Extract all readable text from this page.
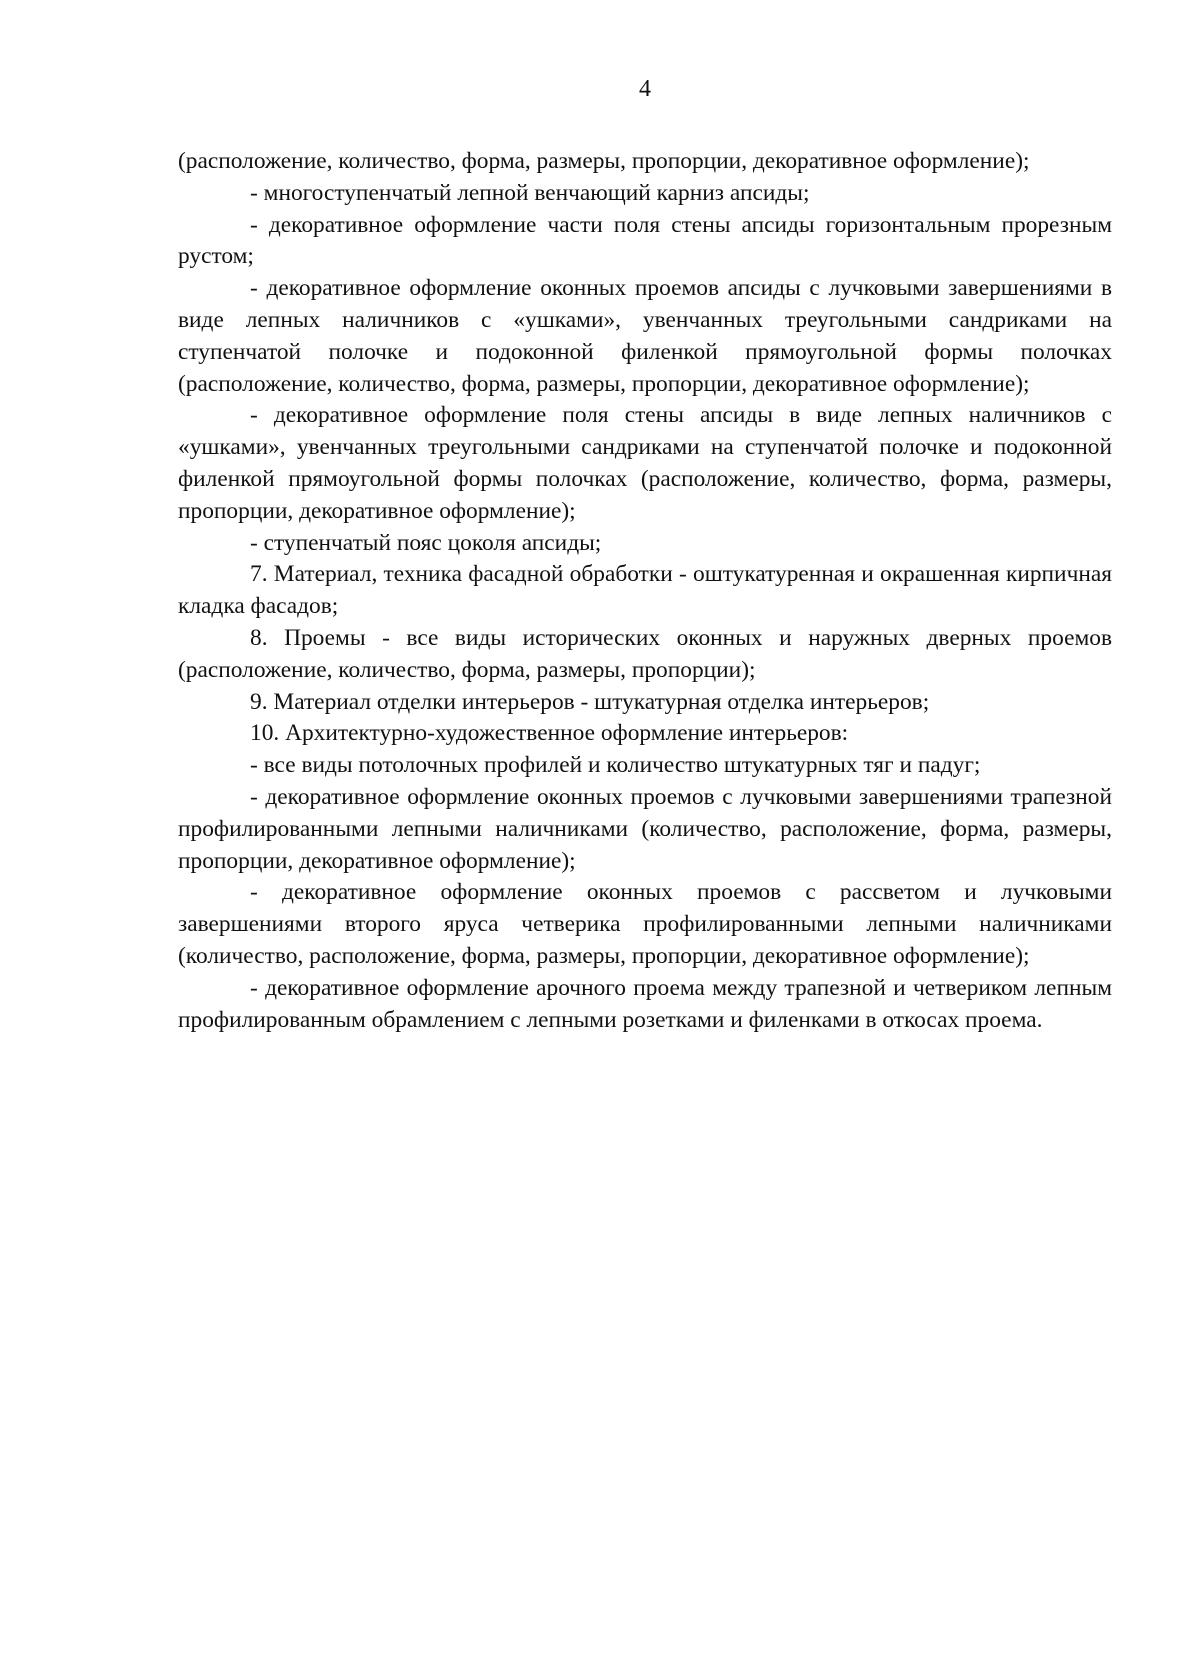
4

(расположение, количество, форма, размеры, пропорции, декоративное оформление);

- многоступенчатый лепной венчающий карниз апсиды;

- декоративное оформление части поля стены апсиды горизонтальным прорезным рустом;

- декоративное оформление оконных проемов апсиды с лучковыми завершениями в виде лепных наличников с «ушками», увенчанных треугольными сандриками на ступенчатой полочке и подоконной филенкой прямоугольной формы полочках (расположение, количество, форма, размеры, пропорции, декоративное оформление);

- декоративное оформление поля стены апсиды в виде лепных наличников с «ушками», увенчанных треугольными сандриками на ступенчатой полочке и подоконной филенкой прямоугольной формы полочках (расположение, количество, форма, размеры, пропорции, декоративное оформление);

- ступенчатый пояс цоколя апсиды;

7. Материал, техника фасадной обработки - оштукатуренная и окрашенная кирпичная кладка фасадов;

8. Проемы - все виды исторических оконных и наружных дверных проемов (расположение, количество, форма, размеры, пропорции);

9. Материал отделки интерьеров - штукатурная отделка интерьеров;

10. Архитектурно-художественное оформление интерьеров:

- все виды потолочных профилей и количество штукатурных тяг и падуг;

- декоративное оформление оконных проемов с лучковыми завершениями трапезной профилированными лепными наличниками (количество, расположение, форма, размеры, пропорции, декоративное оформление);

- декоративное оформление оконных проемов с рассветом и лучковыми завершениями второго яруса четверика профилированными лепными наличниками (количество, расположение, форма, размеры, пропорции, декоративное оформление);

- декоративное оформление арочного проема между трапезной и четвериком лепным профилированным обрамлением с лепными розетками и филенками в откосах проема.
